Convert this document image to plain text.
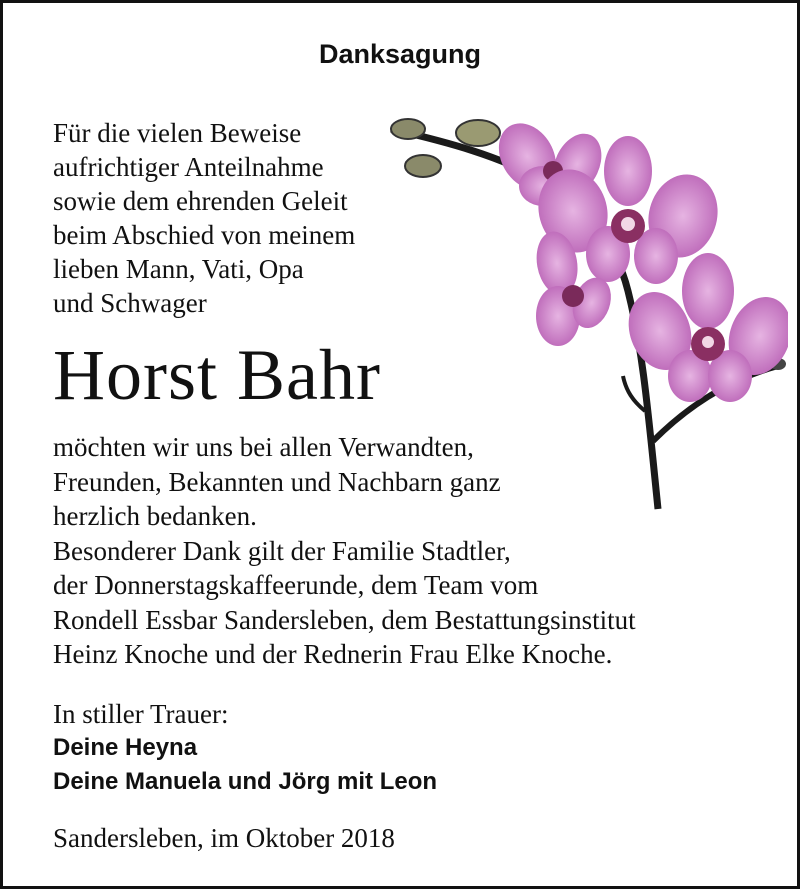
Danksagung
Für die vielen Beweise
aufrichtiger Anteilnahme
sowie dem ehrenden Geleit
beim Abschied von meinem
lieben Mann, Vati, Opa
und Schwager
Horst Bahr
möchten wir uns bei allen Verwandten,
Freunden, Bekannten und Nachbarn ganz
herzlich bedanken.
Besonderer Dank gilt der Familie Stadtler,
der Donnerstagskaffeerunde, dem Team vom
Rondell Essbar Sandersleben, dem Bestattungsinstitut
Heinz Knoche und der Rednerin Frau Elke Knoche.
In stiller Trauer:
Deine Heyna
Deine Manuela und Jörg mit Leon
Sandersleben, im Oktober 2018
